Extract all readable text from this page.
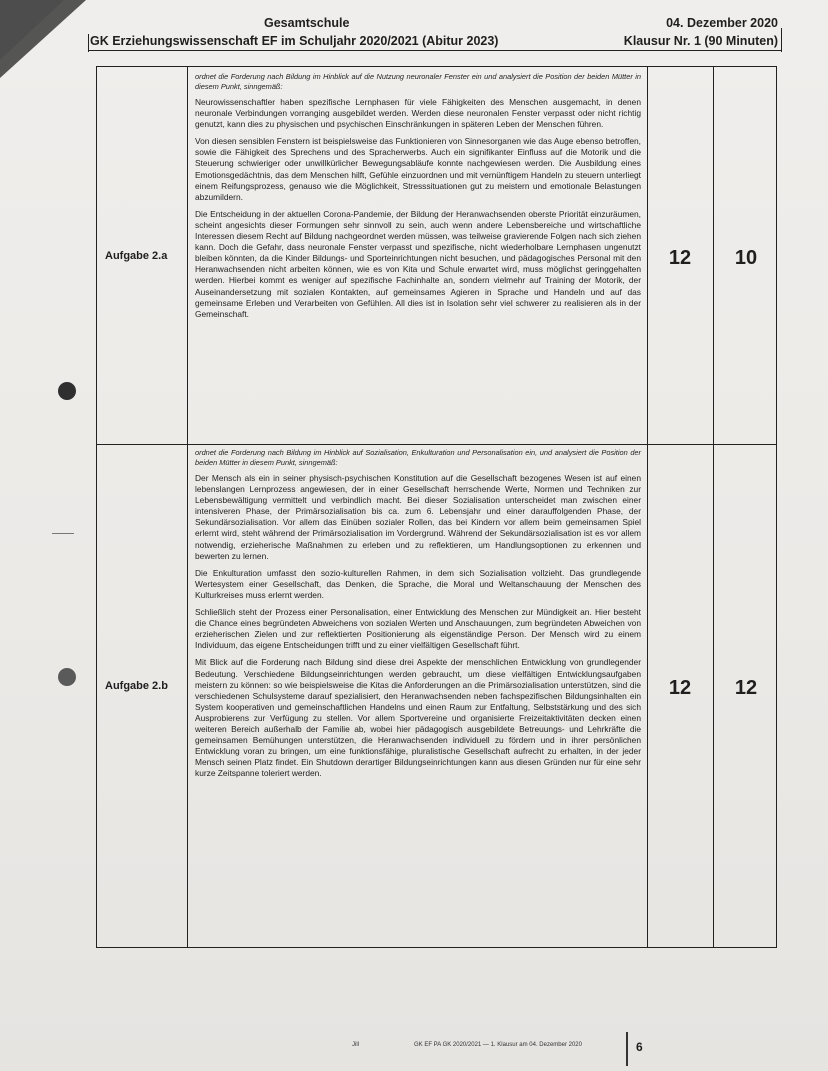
Gesamtschule
GK Erziehungswissenschaft EF im Schuljahr 2020/2021 (Abitur 2023)
04. Dezember 2020
Klausur Nr. 1 (90 Minuten)
Aufgabe 2.a

ordnet die Forderung nach Bildung im Hinblick auf die Nutzung neuronaler Fenster ein und analysiert die Position der beiden Mütter in diesem Punkt, sinngemäß:

Neurowissenschaftler haben spezifische Lernphasen für viele Fähigkeiten des Menschen ausgemacht, in denen neuronale Verbindungen vorranging ausgebildet werden. Werden diese neuronalen Fenster verpasst oder nicht richtig genutzt, kann dies zu physischen und psychischen Einschränkungen in späteren Leben der Menschen führen.

Von diesen sensiblen Fenstern ist beispielsweise das Funktionieren von Sinnesorganen wie das Auge ebenso betroffen, sowie die Fähigkeit des Sprechens und des Spracherwerbs. Auch ein signifikanter Einfluss auf die Motorik und die Steuerung schwieriger oder unwillkürlicher Bewegungsabläufe konnte nachgewiesen werden. Die Ausbildung eines Emotionsgedächtnis, das dem Menschen hilft, Gefühle einzuordnen und mit vernünftigem Handeln zu steuern unterliegt einem Reifungsprozess, genauso wie die Möglichkeit, Stresssituationen gut zu meistern und emotionale Belastungen abzumildern.

Die Entscheidung in der aktuellen Corona-Pandemie, der Bildung der Heranwachsenden oberste Priorität einzuräumen, scheint angesichts dieser Formungen sehr sinnvoll zu sein, auch wenn andere Lebensbereiche und wirtschaftliche Interessen diesem Recht auf Bildung nachgeordnet werden müssen, was teilweise gravierende Folgen nach sich ziehen kann. Doch die Gefahr, dass neuronale Fenster verpasst und spezifische, nicht wiederholbare Lernphasen ungenutzt bleiben könnten, da die Kinder Bildungs- und Sporteinrichtungen nicht besuchen, und pädagogisches Personal mit den Heranwachsenden nicht arbeiten können, wie es von Kita und Schule erwartet wird, muss möglichst geringgehalten werden. Hierbei kommt es weniger auf spezifische Fachinhalte an, sondern vielmehr auf Training der Motorik, der Auseinandersetzung mit sozialen Kontakten, auf gemeinsames Agieren in Sprache und Handeln und auf das gemeinsame Erleben und Verarbeiten von Gefühlen. All dies ist in Isolation sehr viel schwerer zu realisieren als in der Gemeinschaft.

12	10
Aufgabe 2.b

ordnet die Forderung nach Bildung im Hinblick auf Sozialisation, Enkulturation und Personalisation ein, und analysiert die Position der beiden Mütter in diesem Punkt, sinngemäß:

Der Mensch als ein in seiner physisch-psychischen Konstitution auf die Gesellschaft bezogenes Wesen ist auf einen lebenslangen Lernprozess angewiesen, der in einer Gesellschaft herrschende Werte, Normen und Techniken zur Lebensbewältigung vermittelt und verbindlich macht. Bei dieser Sozialisation unterscheidet man zwischen einer intensiveren Phase, der Primärsozialisation bis ca. zum 6. Lebensjahr und einer darauffolgenden Phase, der Sekundärsozialisation. Vor allem das Einüben sozialer Rollen, das bei Kindern vor allem beim gemeinsamen Spiel erlernt wird, steht während der Primärsozialisation im Vordergrund. Während der Sekundärsozialisation ist es vor allem notwendig, erzieherische Maßnahmen zu erleben und zu reflektieren, um Handlungsoptionen zu erkennen und bewerten zu lernen.

Die Enkulturation umfasst den sozio-kulturellen Rahmen, in dem sich Sozialisation vollzieht. Das grundlegende Wertesystem einer Gesellschaft, das Denken, die Sprache, die Moral und Weltanschauung der Menschen des Kulturkreises muss erlernt werden.

Schließlich steht der Prozess einer Personalisation, einer Entwicklung des Menschen zur Mündigkeit an. Hier besteht die Chance eines begründeten Abweichens von sozialen Werten und Anschauungen, zum begründeten Abweichen von erzieherischen Zielen und zur reflektierten Positionierung als eigenständige Person. Der Mensch wird zu einem Individuum, das eigene Entscheidungen trifft und zu einer vielfältigen Gesellschaft führt.

Mit Blick auf die Forderung nach Bildung sind diese drei Aspekte der menschlichen Entwicklung von grundlegender Bedeutung. Verschiedene Bildungseinrichtungen werden gebraucht, um diese vielfältigen Entwicklungsaufgaben meistern zu können: so wie beispielsweise die Kitas die Anforderungen an die Primärsozialisation unterstützen, sind die verschiedenen Schulsysteme darauf spezialisiert, den Heranwachsenden neben fachspezifischen Bildungsinhalten ein System kooperativen und gemeinschaftlichen Handelns und einen Raum zur Entfaltung, Selbststärkung und des sich Ausprobierens zur Verfügung zu stellen. Vor allem Sportvereine und organisierte Freizeitaktivitäten decken einen weiteren Bereich außerhalb der Familie ab, wobei hier pädagogisch ausgebildete Betreuungs- und Lehrkräfte die gemeinsamen Bemühungen unterstützen, die Heranwachsenden individuell zu fördern und in ihrer persönlichen Entwicklung voran zu bringen, um eine funktionsfähige, pluralistische Gesellschaft aufrecht zu erhalten, in der jeder Mensch seinen Platz findet. Ein Shutdown derartiger Bildungseinrichtungen kann aus diesen Gründen nur für eine sehr kurze Zeitspanne toleriert werden.

12	12
Jill	GK EF PA GK 2020/2021 — 1. Klausur am 04. Dezember 2020	6
